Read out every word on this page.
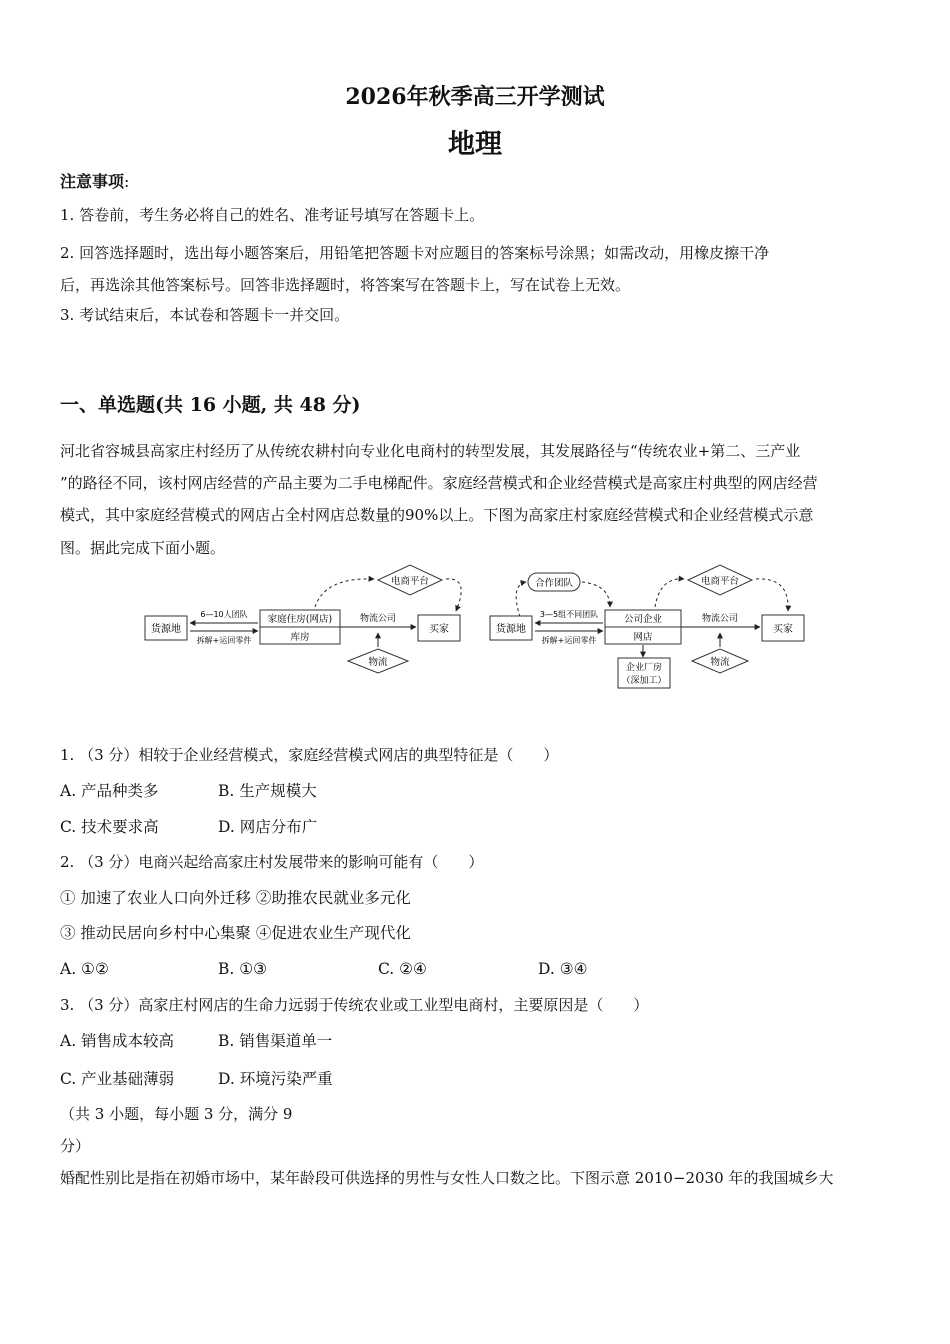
2026年秋季高三开学测试
地理
注意事项:
1. 答卷前，考生务必将自己的姓名、准考证号填写在答题卡上。
2. 回答选择题时，选出每小题答案后，用铅笔把答题卡对应题目的答案标号涂黑；如需改动，用橡皮擦干净
后，再选涂其他答案标号。回答非选择题时，将答案写在答题卡上，写在试卷上无效。
3. 考试结束后，本试卷和答题卡一并交回。
一、单选题(共 16 小题, 共 48 分)
河北省容城县高家庄村经历了从传统农耕村向专业化电商村的转型发展，其发展路径与“传统农业+第二、三产业
”的路径不同，该村网店经营的产品主要为二手电梯配件。家庭经营模式和企业经营模式是高家庄村典型的网店经营
模式，其中家庭经营模式的网店占全村网店总数量的90%以上。下图为高家庄村家庭经营模式和企业经营模式示意
图。据此完成下面小题。
货源地
6—10人团队
拆解+运回零件
家庭住房(网店)
库房
电商平台
物流公司
买家
物流
合作团队
货源地
3—5组不同团队
拆解+运回零件
公司企业
网店
电商平台
物流公司
买家
物流
企业厂房
（深加工）
1. （3 分）相较于企业经营模式，家庭经营模式网店的典型特征是（　　）
A. 产品种类多	B. 生产规模大
C. 技术要求高	D. 网店分布广
2. （3 分）电商兴起给高家庄村发展带来的影响可能有（　　）
① 加速了农业人口向外迁移 ②助推农民就业多元化
③ 推动民居向乡村中心集聚 ④促进农业生产现代化
A. ①②	B. ①③	C. ②④	D. ③④
3. （3 分）高家庄村网店的生命力远弱于传统农业或工业型电商村，主要原因是（　　）
A. 销售成本较高	B. 销售渠道单一
C. 产业基础薄弱	D. 环境污染严重
（共 3 小题，每小题 3 分，满分 9
分）
婚配性别比是指在初婚市场中，某年龄段可供选择的男性与女性人口数之比。下图示意 2010−2030 年的我国城乡大
